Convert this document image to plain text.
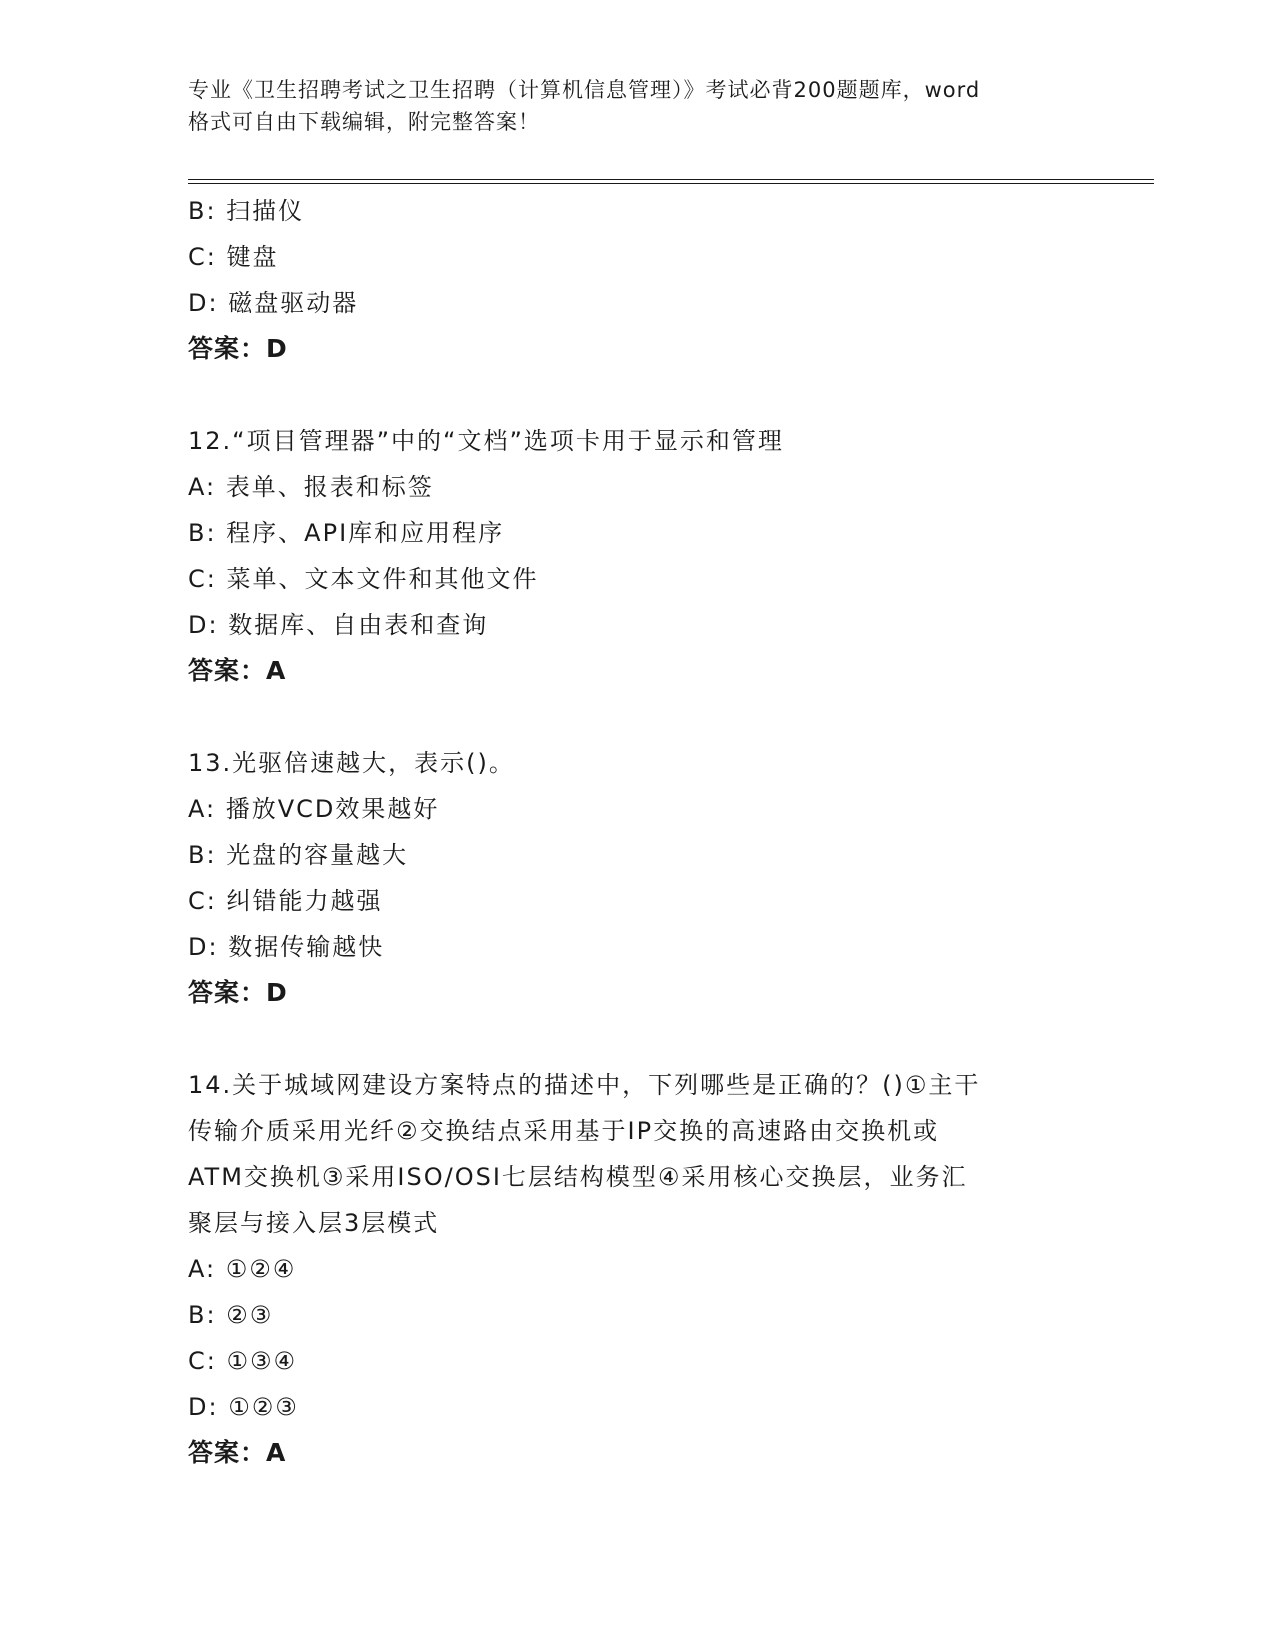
专业《卫生招聘考试之卫生招聘（计算机信息管理）》考试必背200题题库，word
格式可自由下载编辑，附完整答案！
B: 扫描仪
C: 键盘
D: 磁盘驱动器
答案：D
12.“项目管理器”中的“文档”选项卡用于显示和管理
A: 表单、报表和标签
B: 程序、API库和应用程序
C: 菜单、文本文件和其他文件
D: 数据库、自由表和查询
答案：A
13.光驱倍速越大，表示()。
A: 播放VCD效果越好
B: 光盘的容量越大
C: 纠错能力越强
D: 数据传输越快
答案：D
14.关于城域网建设方案特点的描述中，下列哪些是正确的？()①主干
传输介质采用光纤②交换结点采用基于IP交换的高速路由交换机或
ATM交换机③采用ISO/OSI七层结构模型④采用核心交换层，业务汇
聚层与接入层3层模式
A: ①②④
B: ②③
C: ①③④
D: ①②③
答案：A
